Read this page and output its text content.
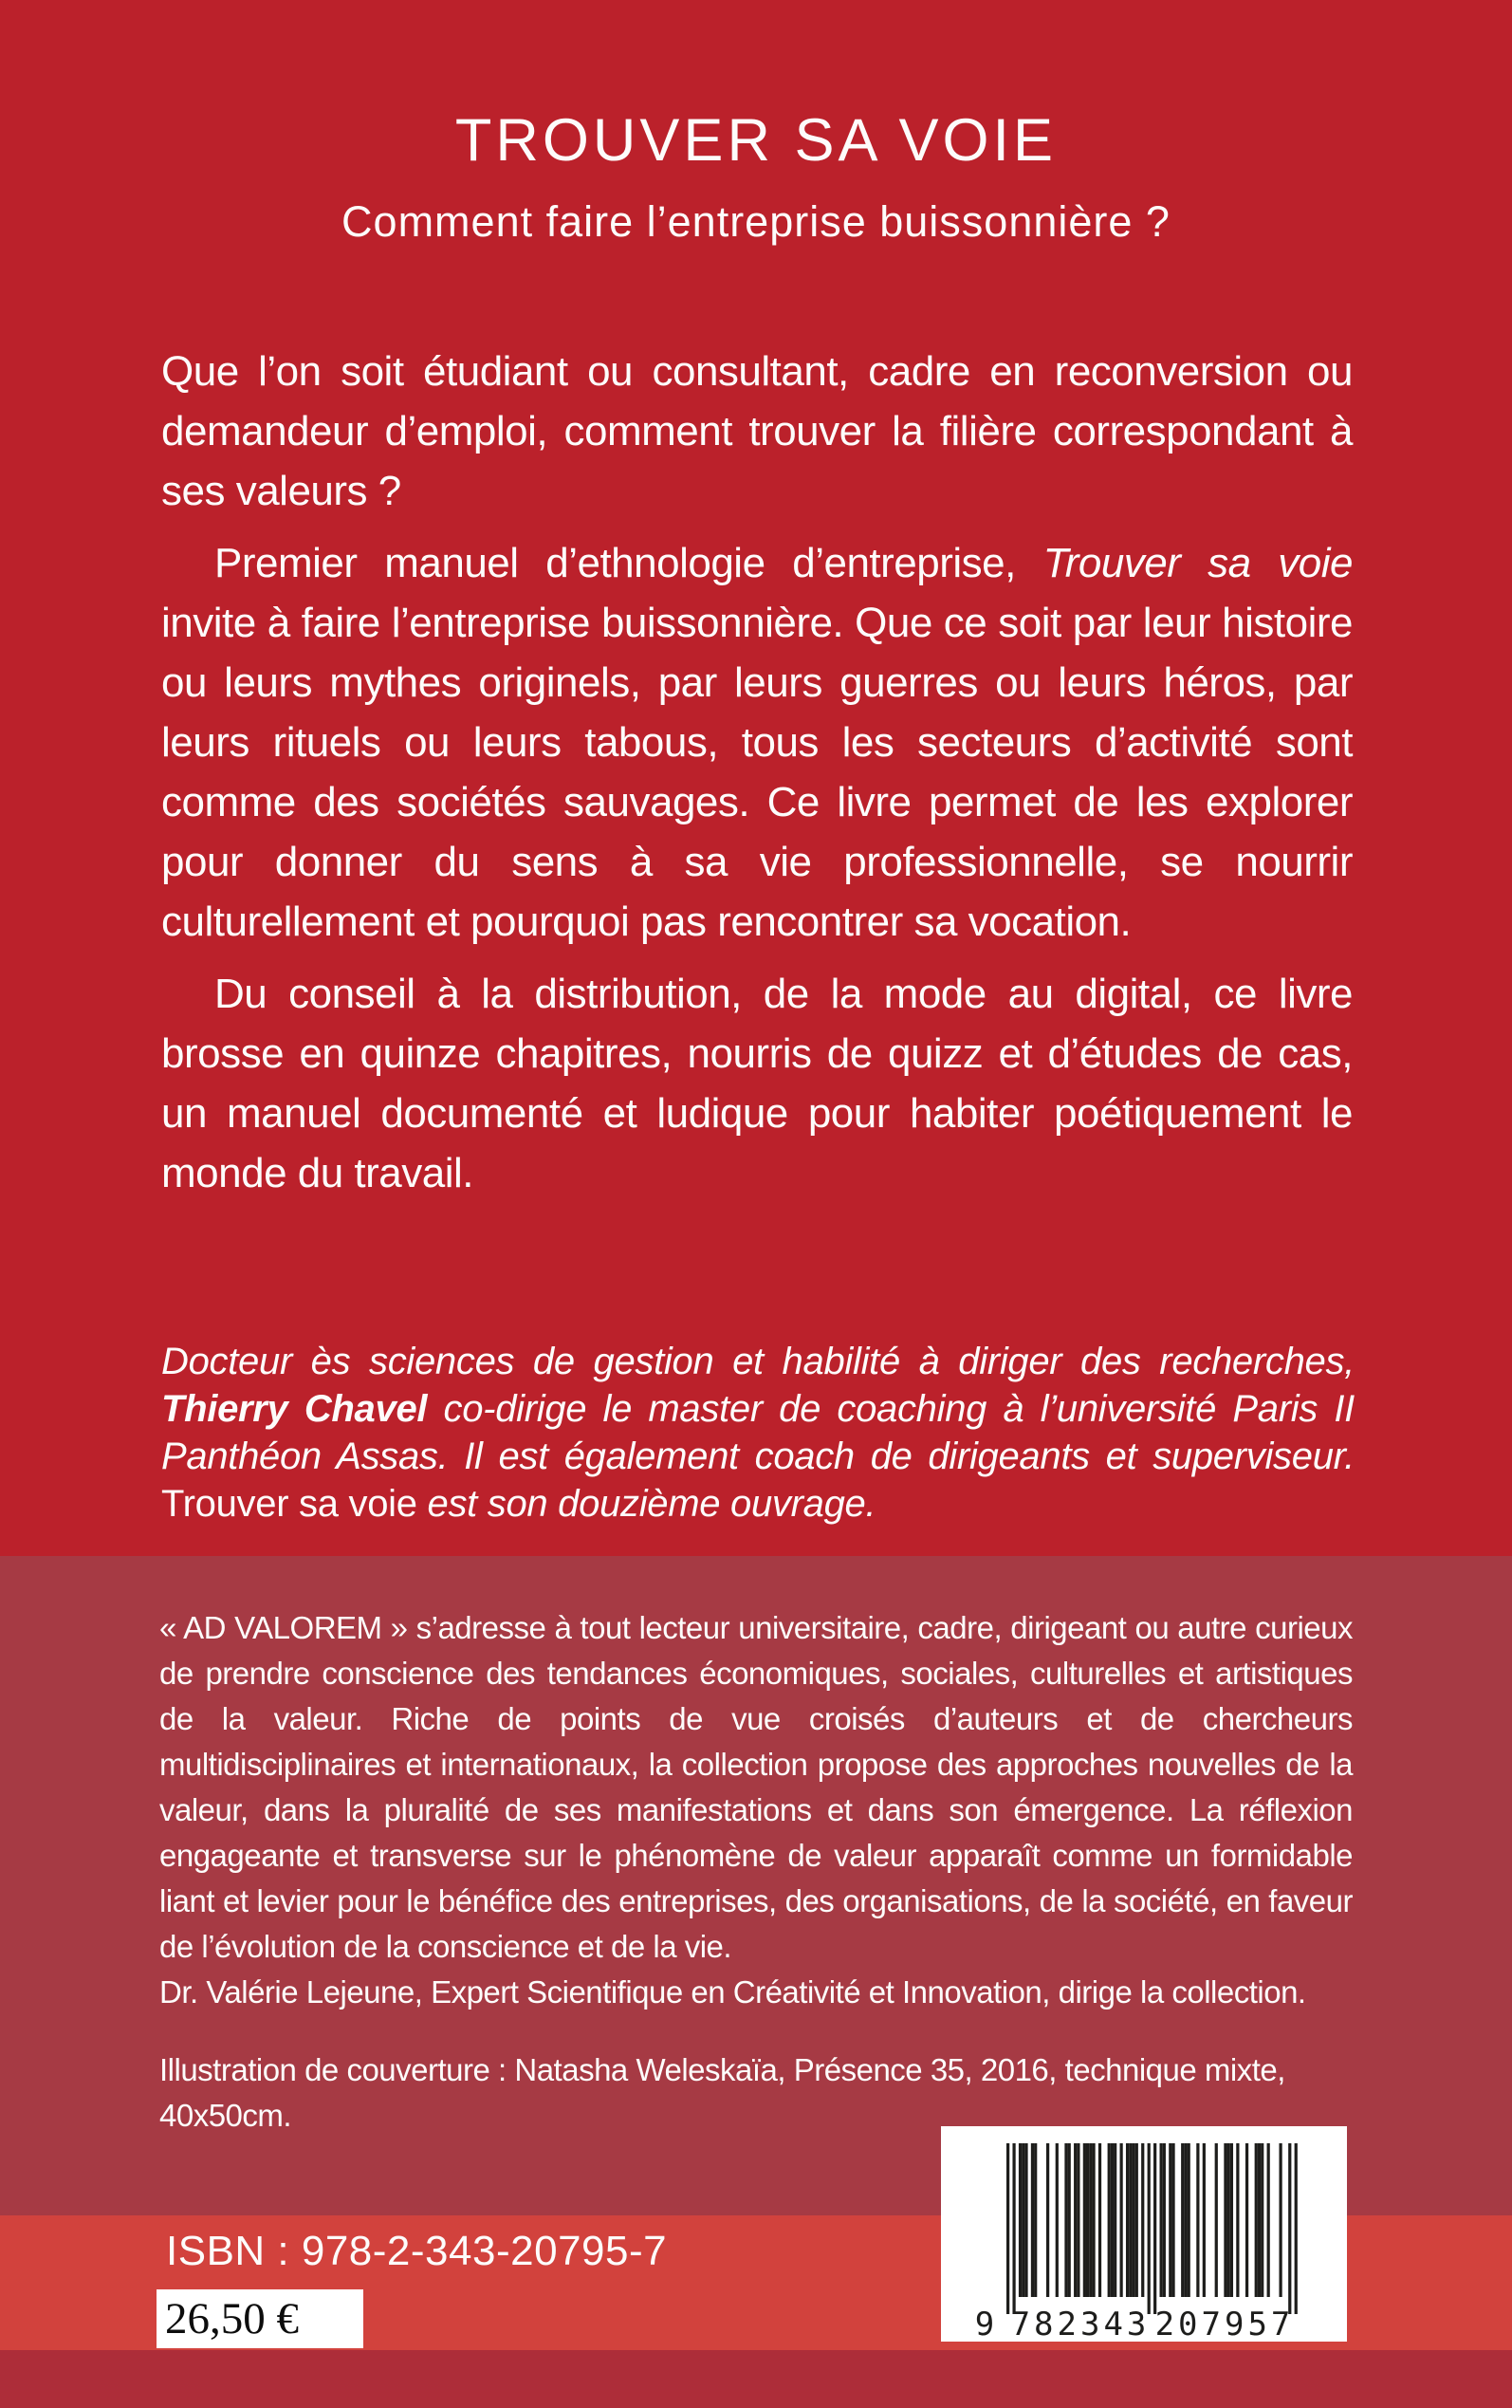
TROUVER SA VOIE
Comment faire l’entreprise buissonnière ?

Que l’on soit étudiant ou consultant, cadre en reconversion ou demandeur d’emploi, comment trouver la filière correspondant à ses valeurs ?

Premier manuel d’ethnologie d’entreprise, Trouver sa voie invite à faire l’entreprise buissonnière. Que ce soit par leur histoire ou leurs mythes originels, par leurs guerres ou leurs héros, par leurs rituels ou leurs tabous, tous les secteurs d’activité sont comme des sociétés sauvages. Ce livre permet de les explorer pour donner du sens à sa vie professionnelle, se nourrir culturellement et pourquoi pas rencontrer sa vocation.

Du conseil à la distribution, de la mode au digital, ce livre brosse en quinze chapitres, nourris de quizz et d’études de cas, un manuel documenté et ludique pour habiter poétiquement le monde du travail.

Docteur ès sciences de gestion et habilité à diriger des recherches, Thierry Chavel co-dirige le master de coaching à l’université Paris II Panthéon Assas. Il est également coach de dirigeants et superviseur. Trouver sa voie est son douzième ouvrage.

« AD VALOREM » s’adresse à tout lecteur universitaire, cadre, dirigeant ou autre curieux de prendre conscience des tendances économiques, sociales, culturelles et artistiques de la valeur. Riche de points de vue croisés d’auteurs et de chercheurs multidisciplinaires et internationaux, la collection propose des approches nouvelles de la valeur, dans la pluralité de ses manifestations et dans son émergence. La réflexion engageante et transverse sur le phénomène de valeur apparaît comme un formidable liant et levier pour le bénéfice des entreprises, des organisations, de la société, en faveur de l’évolution de la conscience et de la vie.

Dr. Valérie Lejeune, Expert Scientifique en Créativité et Innovation, dirige la collection.

Illustration de couverture : Natasha Weleskaïa, Présence 35, 2016, technique mixte, 40x50cm.

ISBN : 978-2-343-20795-7
26,50 €	9 782343 207957
